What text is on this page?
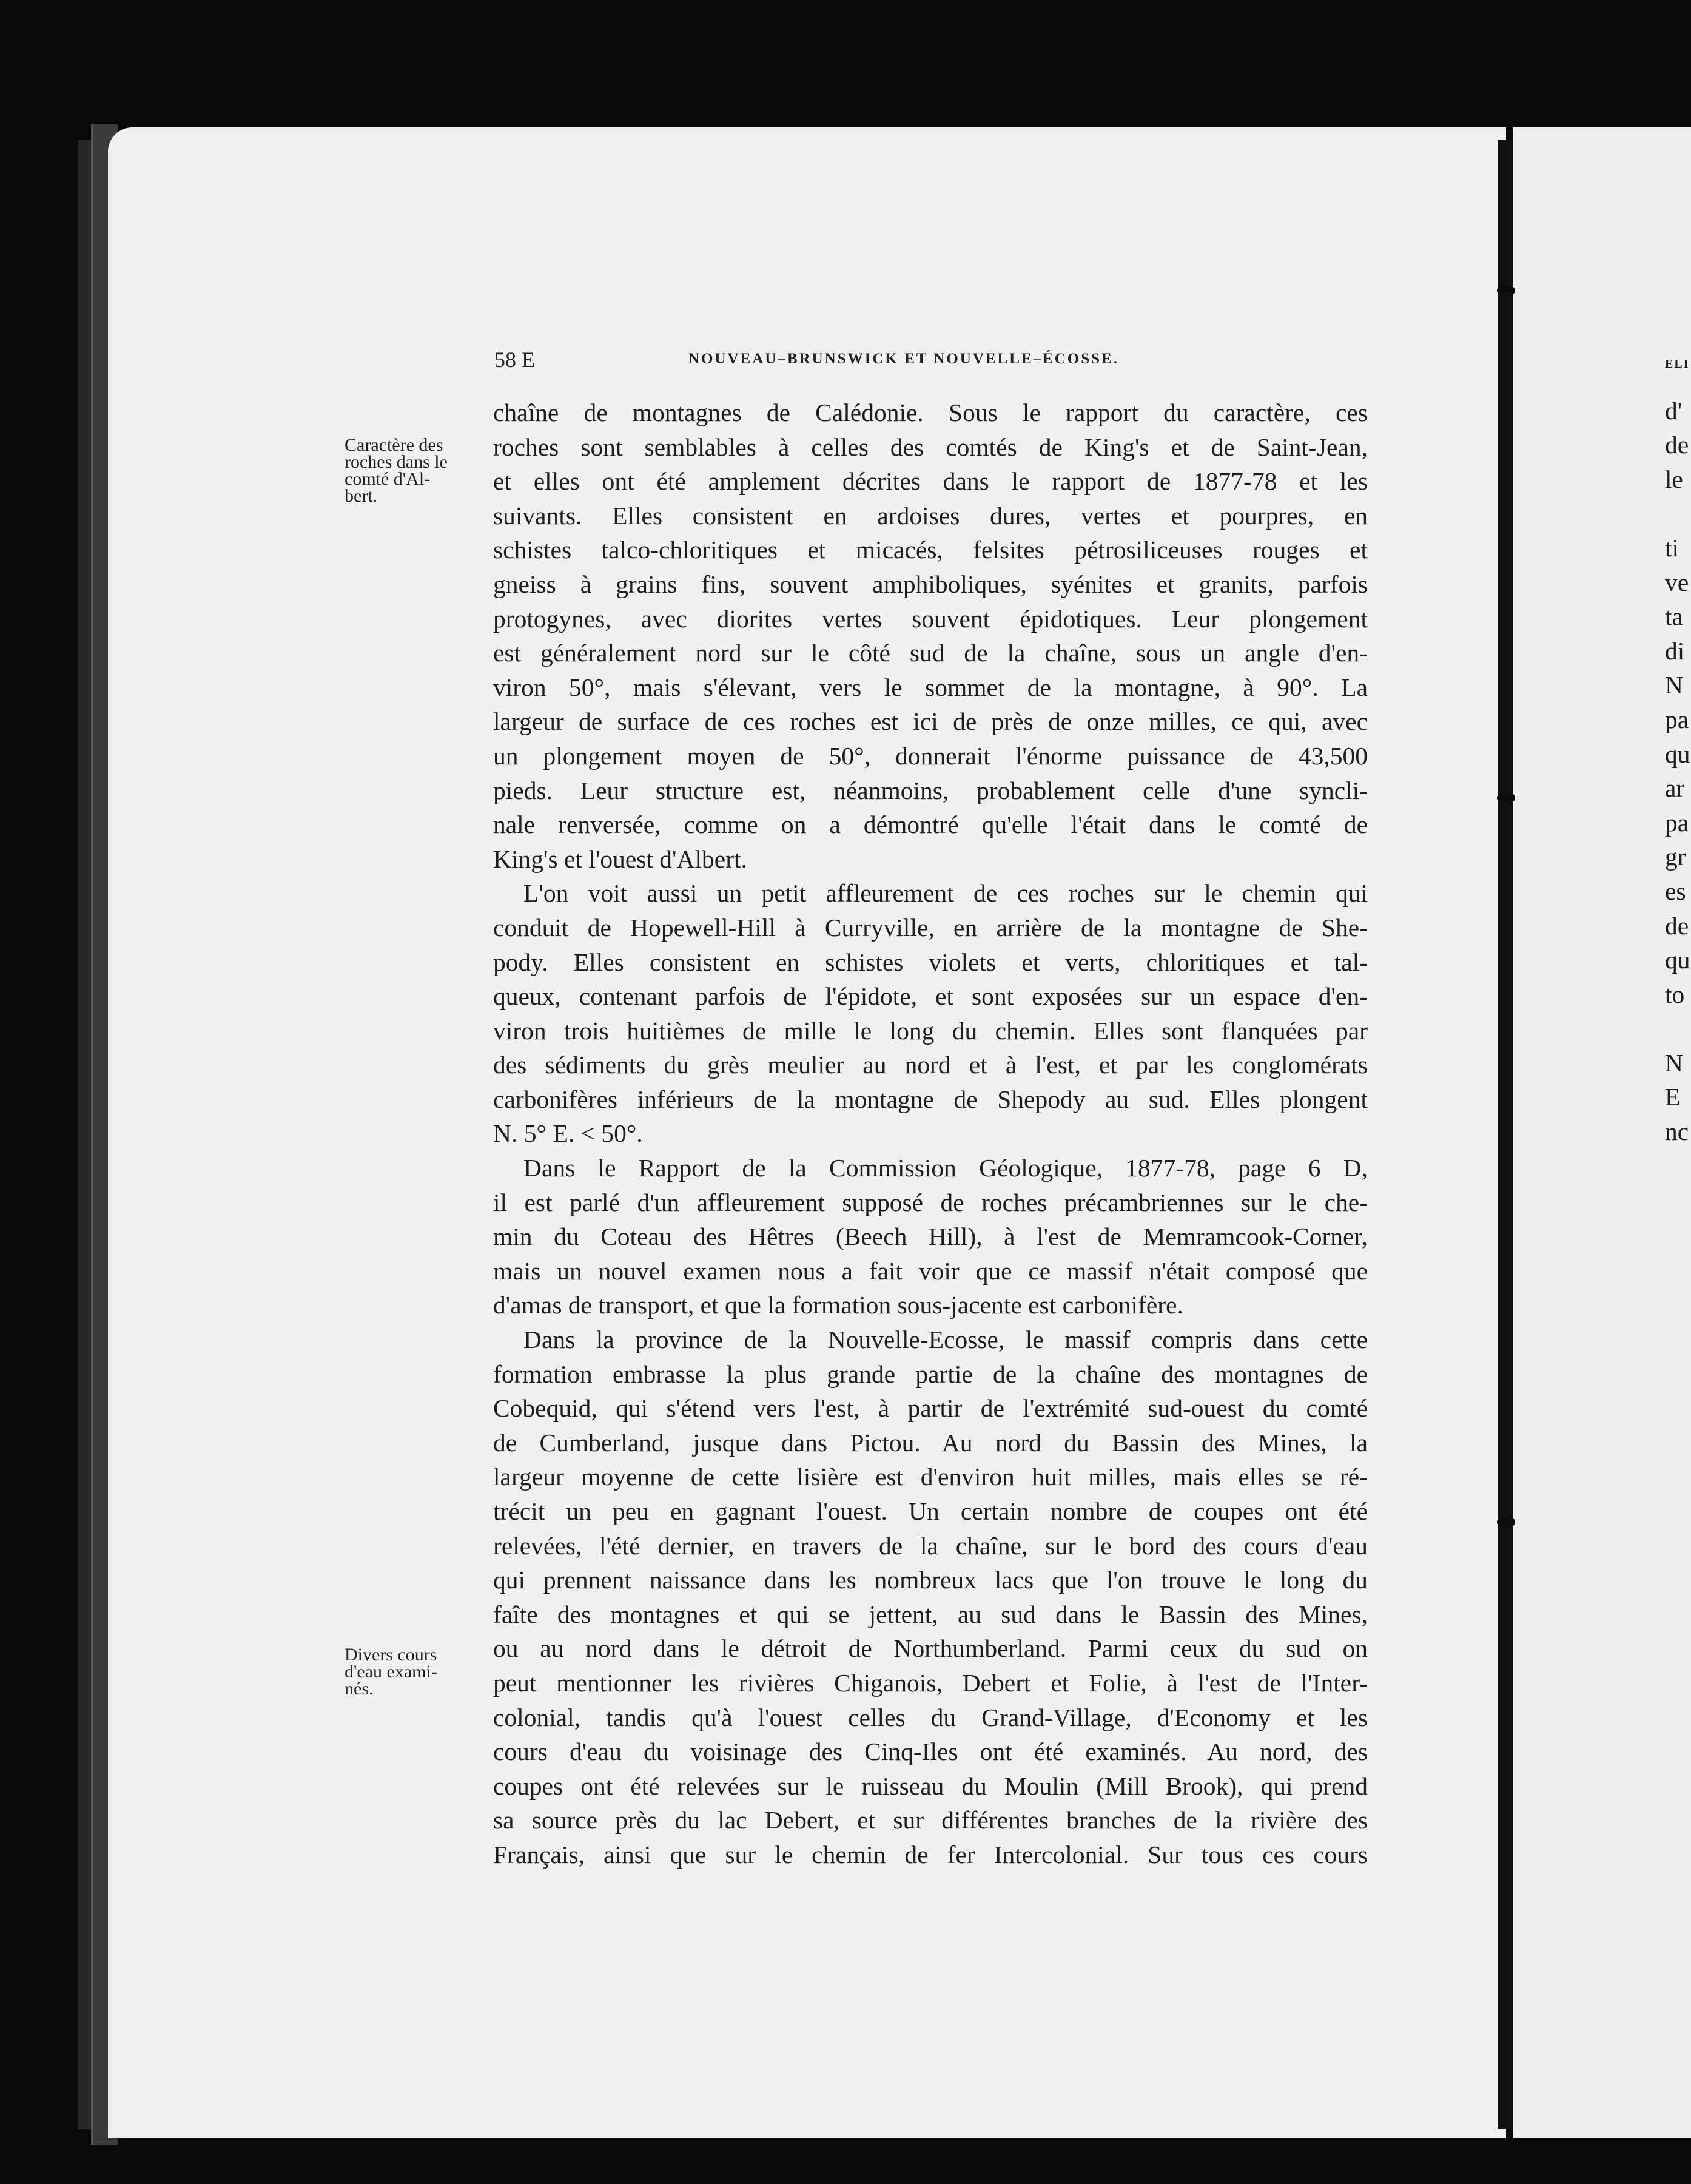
58 E	NOUVEAU–BRUNSWICK ET NOUVELLE–ÉCOSSE.
Caractère des
roches dans le
comté d'Al-
bert.
Divers cours
d'eau exami-
nés.
chaîne de montagnes de Calédonie. Sous le rapport du caractère, ces
roches sont semblables à celles des comtés de King's et de Saint-Jean,
et elles ont été amplement décrites dans le rapport de 1877-78 et les
suivants. Elles consistent en ardoises dures, vertes et pourpres, en
schistes talco-chloritiques et micacés, felsites pétrosiliceuses rouges et
gneiss à grains fins, souvent amphiboliques, syénites et granits, parfois
protogynes, avec diorites vertes souvent épidotiques. Leur plongement
est généralement nord sur le côté sud de la chaîne, sous un angle d'en-
viron 50°, mais s'élevant, vers le sommet de la montagne, à 90°. La
largeur de surface de ces roches est ici de près de onze milles, ce qui, avec
un plongement moyen de 50°, donnerait l'énorme puissance de 43,500
pieds. Leur structure est, néanmoins, probablement celle d'une syncli-
nale renversée, comme on a démontré qu'elle l'était dans le comté de
King's et l'ouest d'Albert.
L'on voit aussi un petit affleurement de ces roches sur le chemin qui
conduit de Hopewell-Hill à Curryville, en arrière de la montagne de She-
pody. Elles consistent en schistes violets et verts, chloritiques et tal-
queux, contenant parfois de l'épidote, et sont exposées sur un espace d'en-
viron trois huitièmes de mille le long du chemin. Elles sont flanquées par
des sédiments du grès meulier au nord et à l'est, et par les conglomérats
carbonifères inférieurs de la montagne de Shepody au sud. Elles plongent
N. 5° E. < 50°.
Dans le Rapport de la Commission Géologique, 1877-78, page 6 D,
il est parlé d'un affleurement supposé de roches précambriennes sur le che-
min du Coteau des Hêtres (Beech Hill), à l'est de Memramcook-Corner,
mais un nouvel examen nous a fait voir que ce massif n'était composé que
d'amas de transport, et que la formation sous-jacente est carbonifère.
Dans la province de la Nouvelle-Ecosse, le massif compris dans cette
formation embrasse la plus grande partie de la chaîne des montagnes de
Cobequid, qui s'étend vers l'est, à partir de l'extrémité sud-ouest du comté
de Cumberland, jusque dans Pictou. Au nord du Bassin des Mines, la
largeur moyenne de cette lisière est d'environ huit milles, mais elles se ré-
trécit un peu en gagnant l'ouest. Un certain nombre de coupes ont été
relevées, l'été dernier, en travers de la chaîne, sur le bord des cours d'eau
qui prennent naissance dans les nombreux lacs que l'on trouve le long du
faîte des montagnes et qui se jettent, au sud dans le Bassin des Mines,
ou au nord dans le détroit de Northumberland. Parmi ceux du sud on
peut mentionner les rivières Chiganois, Debert et Folie, à l'est de l'Inter-
colonial, tandis qu'à l'ouest celles du Grand-Village, d'Economy et les
cours d'eau du voisinage des Cinq-Iles ont été examinés. Au nord, des
coupes ont été relevées sur le ruisseau du Moulin (Mill Brook), qui prend
sa source près du lac Debert, et sur différentes branches de la rivière des
Français, ainsi que sur le chemin de fer Intercolonial. Sur tous ces cours
ELI
d'
de
le
ti
ve
ta
di
N
pa
qu
ar
pa
gr
es
de
qu
to
N
E
nc
